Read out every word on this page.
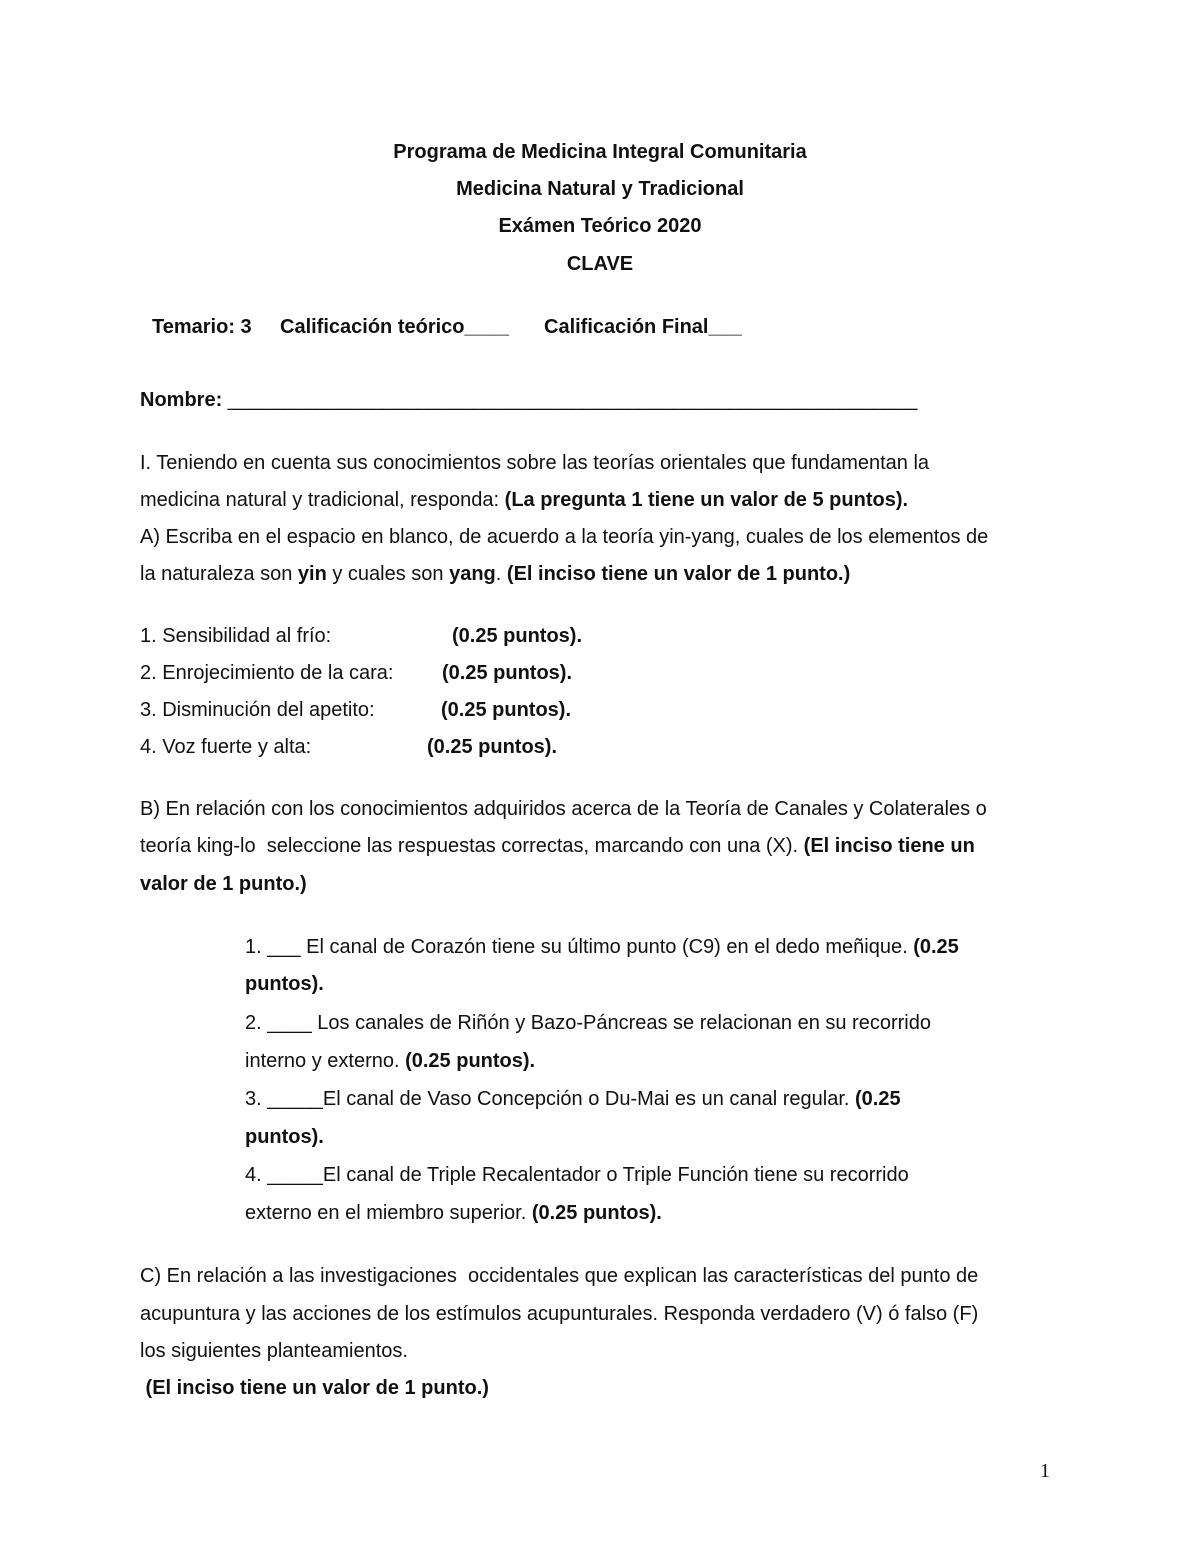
Programa de Medicina Integral Comunitaria
Medicina Natural y Tradicional
Exámen Teórico 2020
CLAVE
Temario: 3 Calificación teórico____ Calificación Final___
Nombre: ______________________________________________________________
I. Teniendo en cuenta sus conocimientos sobre las teorías orientales que fundamentan la
medicina natural y tradicional, responda: (La pregunta 1 tiene un valor de 5 puntos).
A) Escriba en el espacio en blanco, de acuerdo a la teoría yin-yang, cuales de los elementos de
la naturaleza son yin y cuales son yang. (El inciso tiene un valor de 1 punto.)
1. Sensibilidad al frío:	(0.25 puntos).
2. Enrojecimiento de la cara: (0.25 puntos).
3. Disminución del apetito:	(0.25 puntos).
4. Voz fuerte y alta:	(0.25 puntos).
B) En relación con los conocimientos adquiridos acerca de la Teoría de Canales y Colaterales o
teoría king-lo  seleccione las respuestas correctas, marcando con una (X). (El inciso tiene un
valor de 1 punto.)
1. ___ El canal de Corazón tiene su último punto (C9) en el dedo meñique. (0.25
puntos).
2. ____ Los canales de Riñón y Bazo-Páncreas se relacionan en su recorrido
interno y externo. (0.25 puntos).
3. _____El canal de Vaso Concepción o Du-Mai es un canal regular. (0.25
puntos).
4. _____El canal de Triple Recalentador o Triple Función tiene su recorrido
externo en el miembro superior. (0.25 puntos).
C) En relación a las investigaciones  occidentales que explican las características del punto de
acupuntura y las acciones de los estímulos acupunturales. Responda verdadero (V) ó falso (F)
los siguientes planteamientos.
(El inciso tiene un valor de 1 punto.)
1
